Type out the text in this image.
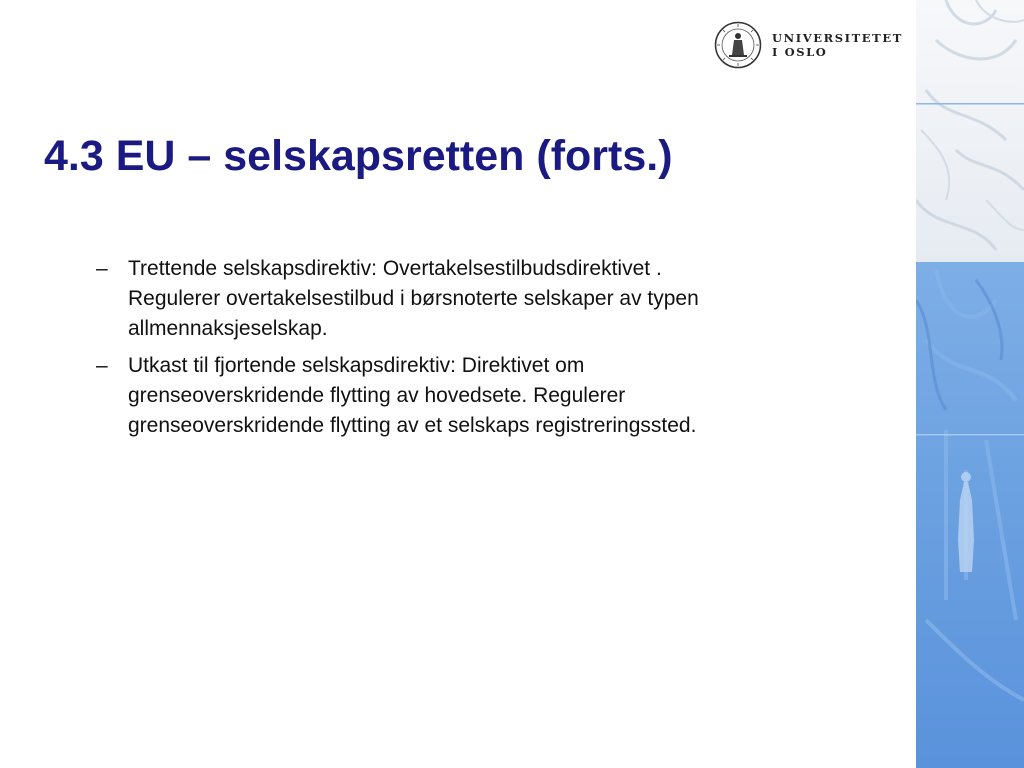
UNIVERSITETET
I OSLO
4.3 EU – selskapsretten (forts.)
– Trettende selskapsdirektiv: Overtakelsestilbudsdirektivet .
Regulerer overtakelsestilbud i børsnoterte selskaper av typen
allmennaksjeselskap.
– Utkast til fjortende selskapsdirektiv: Direktivet om
grenseoverskridende flytting av hovedsete. Regulerer
grenseoverskridende flytting av et selskaps registreringssted.
